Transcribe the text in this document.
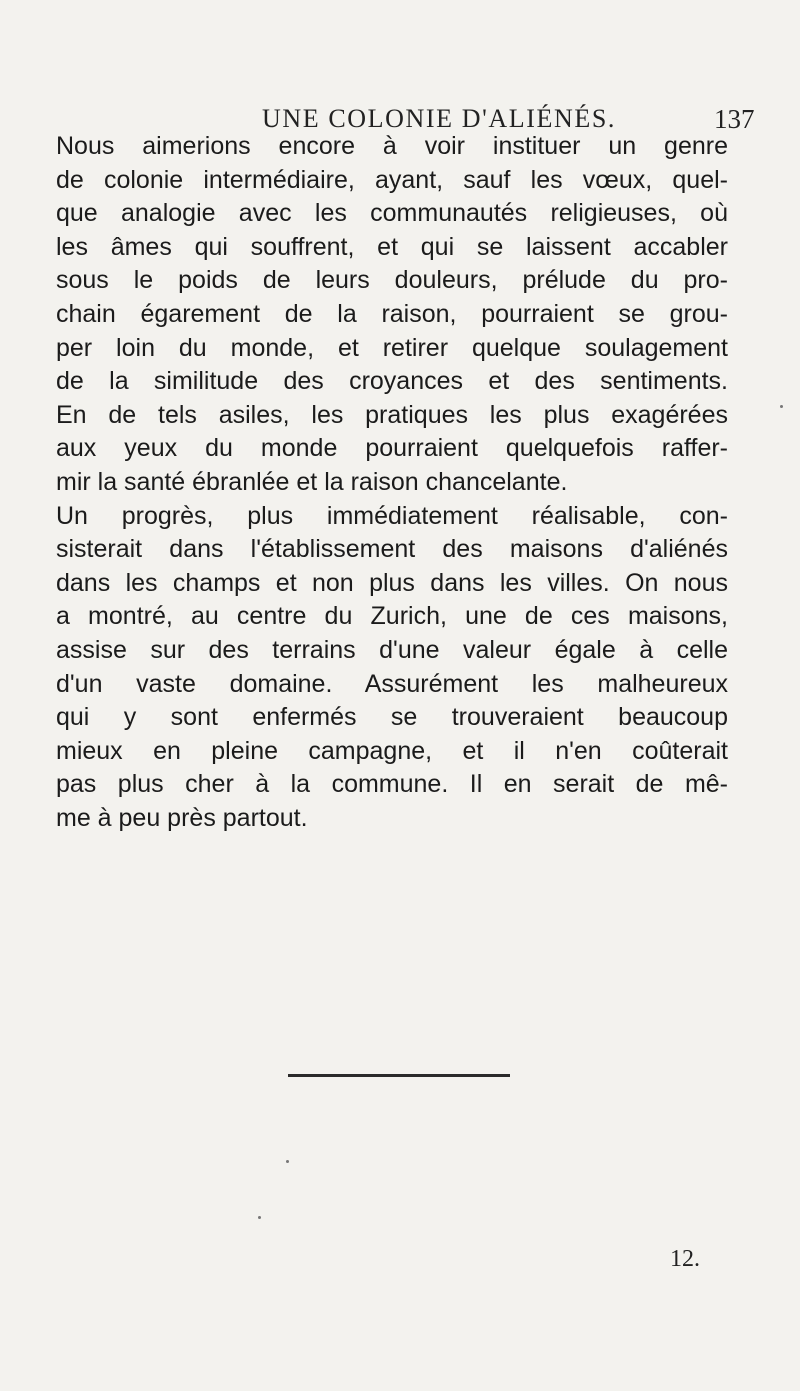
UNE COLONIE D'ALIÉNÉS.	137
Nous aimerions encore à voir instituer un genre
de colonie intermédiaire, ayant, sauf les vœux, quel-
que analogie avec les communautés religieuses, où
les âmes qui souffrent, et qui se laissent accabler
sous le poids de leurs douleurs, prélude du pro-
chain égarement de la raison, pourraient se grou-
per loin du monde, et retirer quelque soulagement
de la similitude des croyances et des sentiments.
En de tels asiles, les pratiques les plus exagérées
aux yeux du monde pourraient quelquefois raffer-
mir la santé ébranlée et la raison chancelante.
Un progrès, plus immédiatement réalisable, con-
sisterait dans l'établissement des maisons d'aliénés
dans les champs et non plus dans les villes. On nous
a montré, au centre du Zurich, une de ces maisons,
assise sur des terrains d'une valeur égale à celle
d'un vaste domaine. Assurément les malheureux
qui y sont enfermés se trouveraient beaucoup
mieux en pleine campagne, et il n'en coûterait
pas plus cher à la commune. Il en serait de mê-
me à peu près partout.
12.
